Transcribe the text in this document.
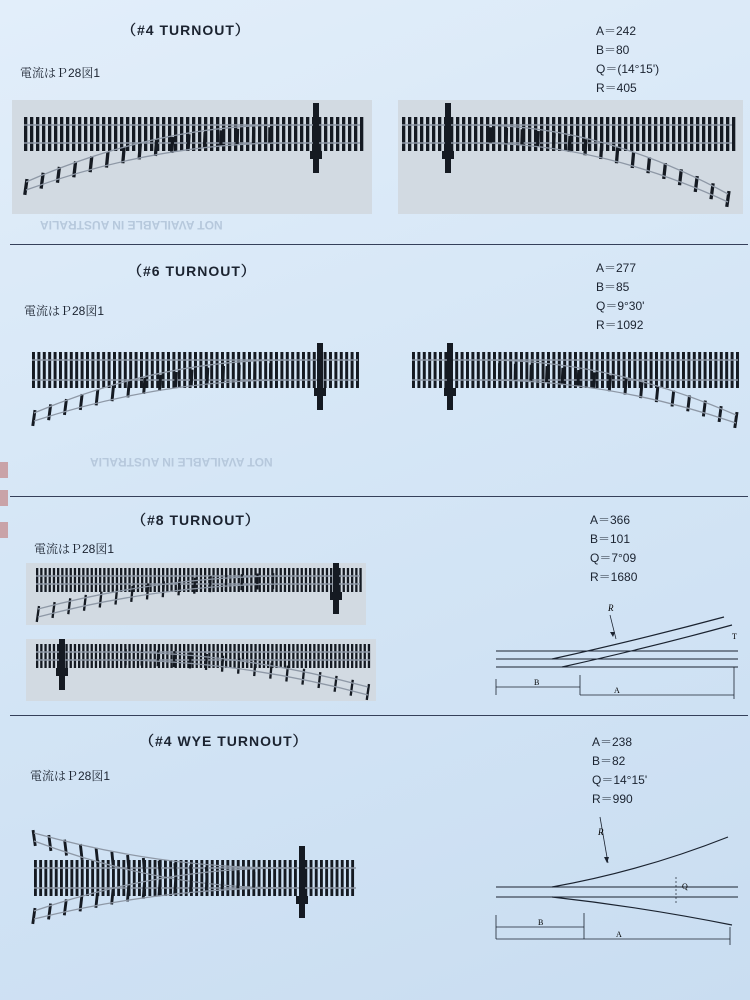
（#4 TURNOUT）
電流はＰ28図1
A＝242
B＝80
Q＝(14°15')
R＝405
NOT AVAILABLE IN AUSTRALIA
（#6 TURNOUT）
電流はＰ28図1
A＝277
B＝85
Q＝9°30'
R＝1092
NOT AVAILABLE IN AUSTRALIA
（#8 TURNOUT）
電流はＰ28図1
A＝366
B＝101
Q＝7°09
R＝1680
R
T
B
A
（#4 WYE TURNOUT）
電流はＰ28図1
A＝238
B＝82
Q＝14°15'
R＝990
R
Q
B
A
